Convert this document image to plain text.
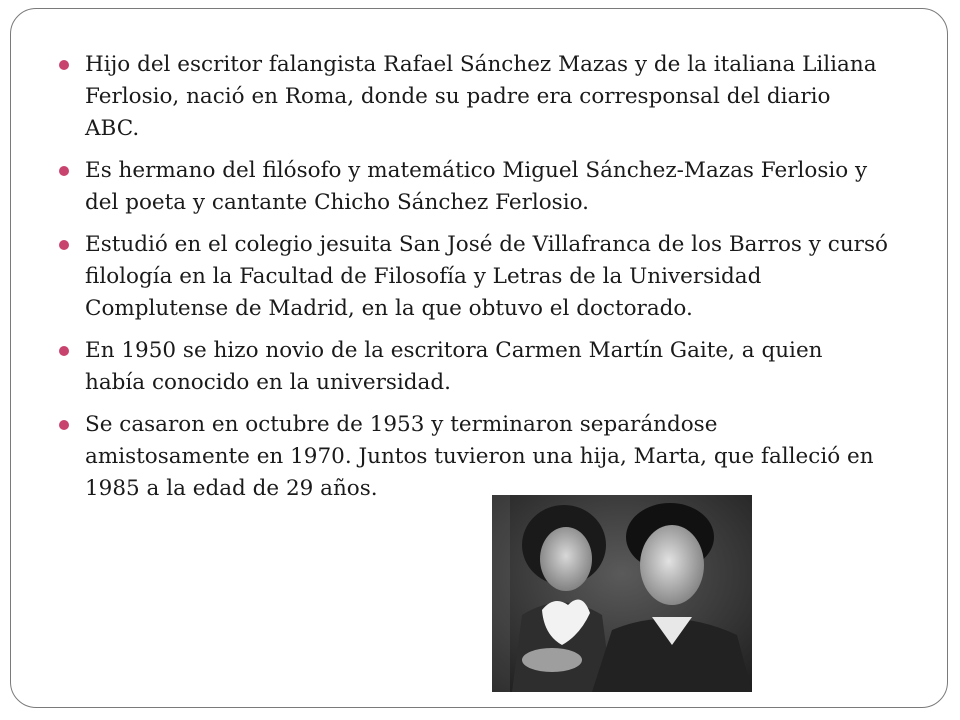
Hijo del escritor falangista Rafael Sánchez Mazas y de la italiana Liliana Ferlosio, nació en Roma, donde su padre era corresponsal del diario ABC.
Es hermano del filósofo y matemático Miguel Sánchez-Mazas Ferlosio y del poeta y cantante Chicho Sánchez Ferlosio.
Estudió en el colegio jesuita San José de Villafranca de los Barros y cursó filología en la Facultad de Filosofía y Letras de la Universidad Complutense de Madrid, en la que obtuvo el doctorado.
En 1950 se hizo novio de la escritora Carmen Martín Gaite, a quien había conocido en la universidad.
Se casaron en octubre de 1953 y terminaron separándose amistosamente en 1970. Juntos tuvieron una hija, Marta, que falleció en 1985 a la edad de 29 años.
